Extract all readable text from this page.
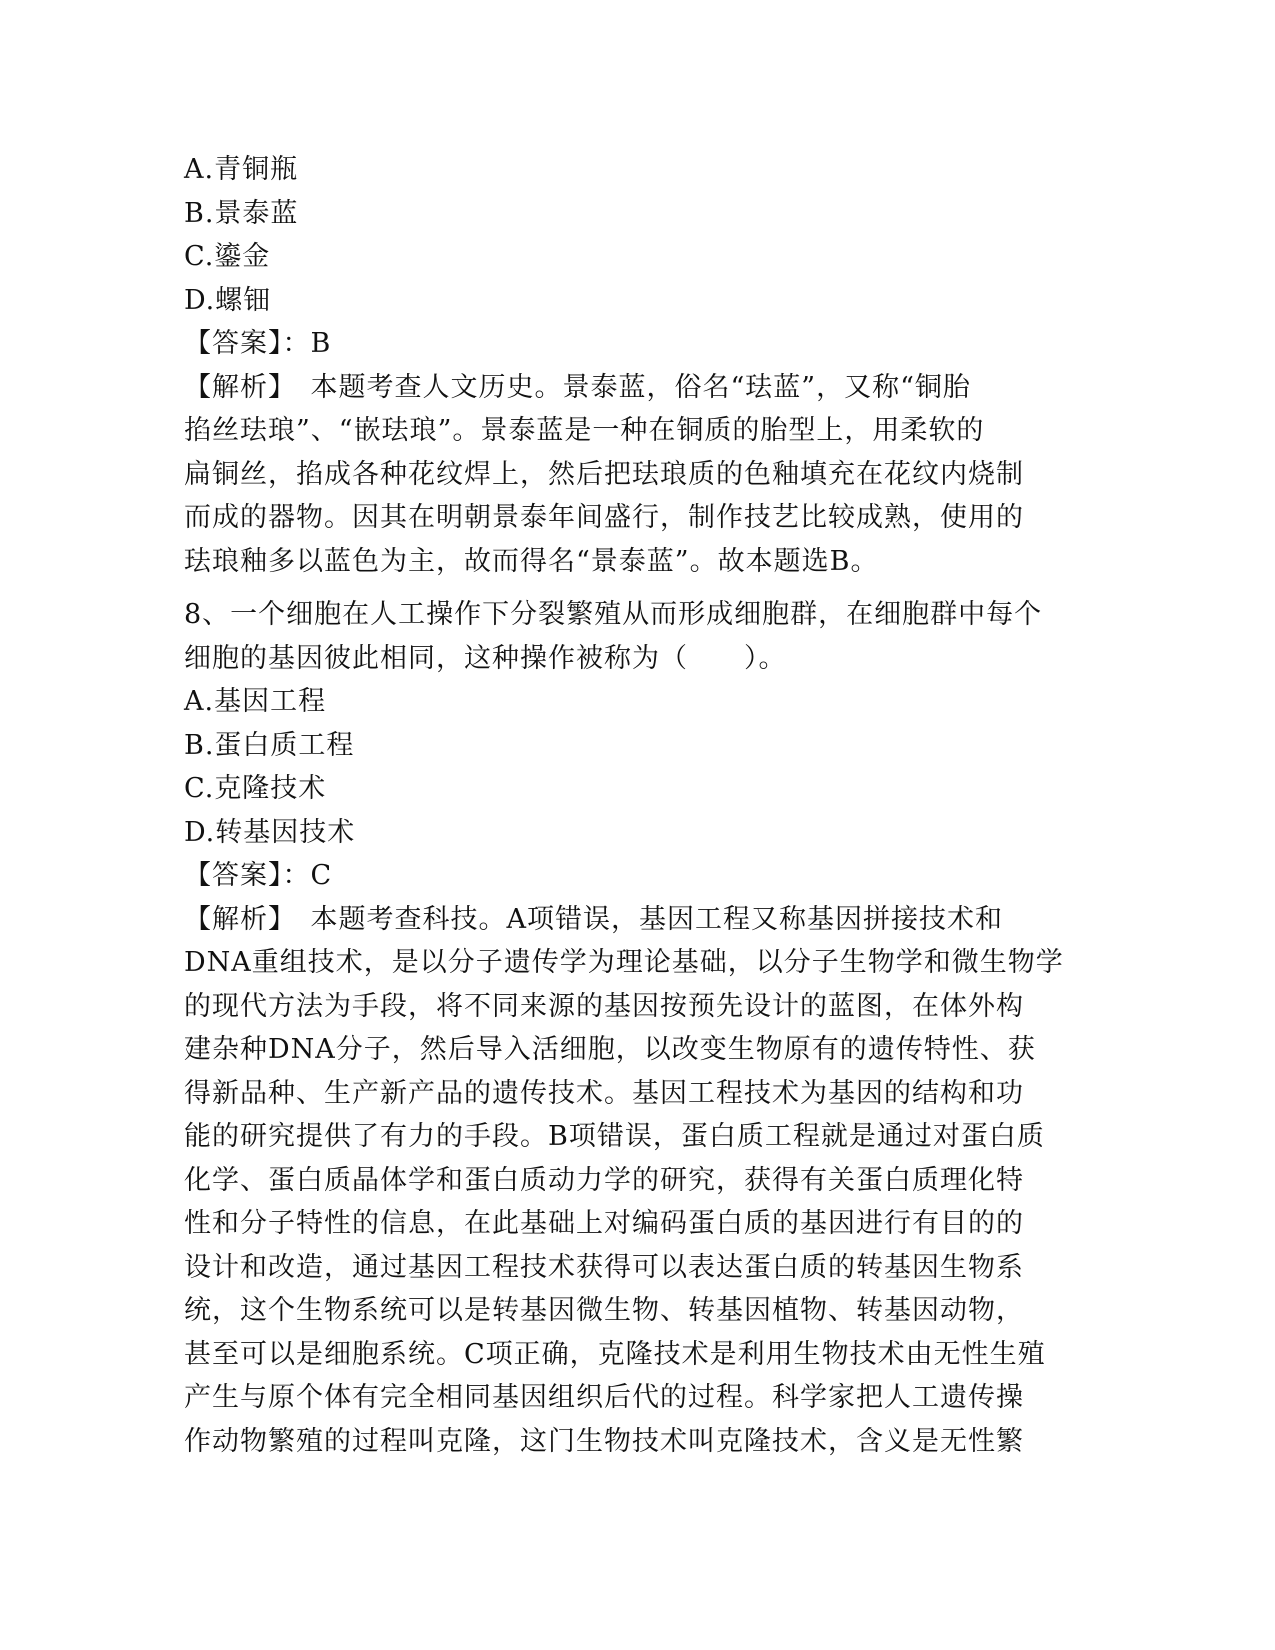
A.青铜瓶
B.景泰蓝
C.鎏金
D.螺钿
【答案】：B
【解析】　本题考查人文历史。景泰蓝，俗名“珐蓝”，又称“铜胎
掐丝珐琅”、“嵌珐琅”。景泰蓝是一种在铜质的胎型上，用柔软的
扁铜丝，掐成各种花纹焊上，然后把珐琅质的色釉填充在花纹内烧制
而成的器物。因其在明朝景泰年间盛行，制作技艺比较成熟，使用的
珐琅釉多以蓝色为主，故而得名“景泰蓝”。故本题选B。
8、一个细胞在人工操作下分裂繁殖从而形成细胞群，在细胞群中每个
细胞的基因彼此相同，这种操作被称为（　　）。
A.基因工程
B.蛋白质工程
C.克隆技术
D.转基因技术
【答案】：C
【解析】　本题考查科技。A项错误，基因工程又称基因拼接技术和
DNA重组技术，是以分子遗传学为理论基础，以分子生物学和微生物学
的现代方法为手段，将不同来源的基因按预先设计的蓝图，在体外构
建杂种DNA分子，然后导入活细胞，以改变生物原有的遗传特性、获
得新品种、生产新产品的遗传技术。基因工程技术为基因的结构和功
能的研究提供了有力的手段。B项错误，蛋白质工程就是通过对蛋白质
化学、蛋白质晶体学和蛋白质动力学的研究，获得有关蛋白质理化特
性和分子特性的信息，在此基础上对编码蛋白质的基因进行有目的的
设计和改造，通过基因工程技术获得可以表达蛋白质的转基因生物系
统，这个生物系统可以是转基因微生物、转基因植物、转基因动物，
甚至可以是细胞系统。C项正确，克隆技术是利用生物技术由无性生殖
产生与原个体有完全相同基因组织后代的过程。科学家把人工遗传操
作动物繁殖的过程叫克隆，这门生物技术叫克隆技术，含义是无性繁
